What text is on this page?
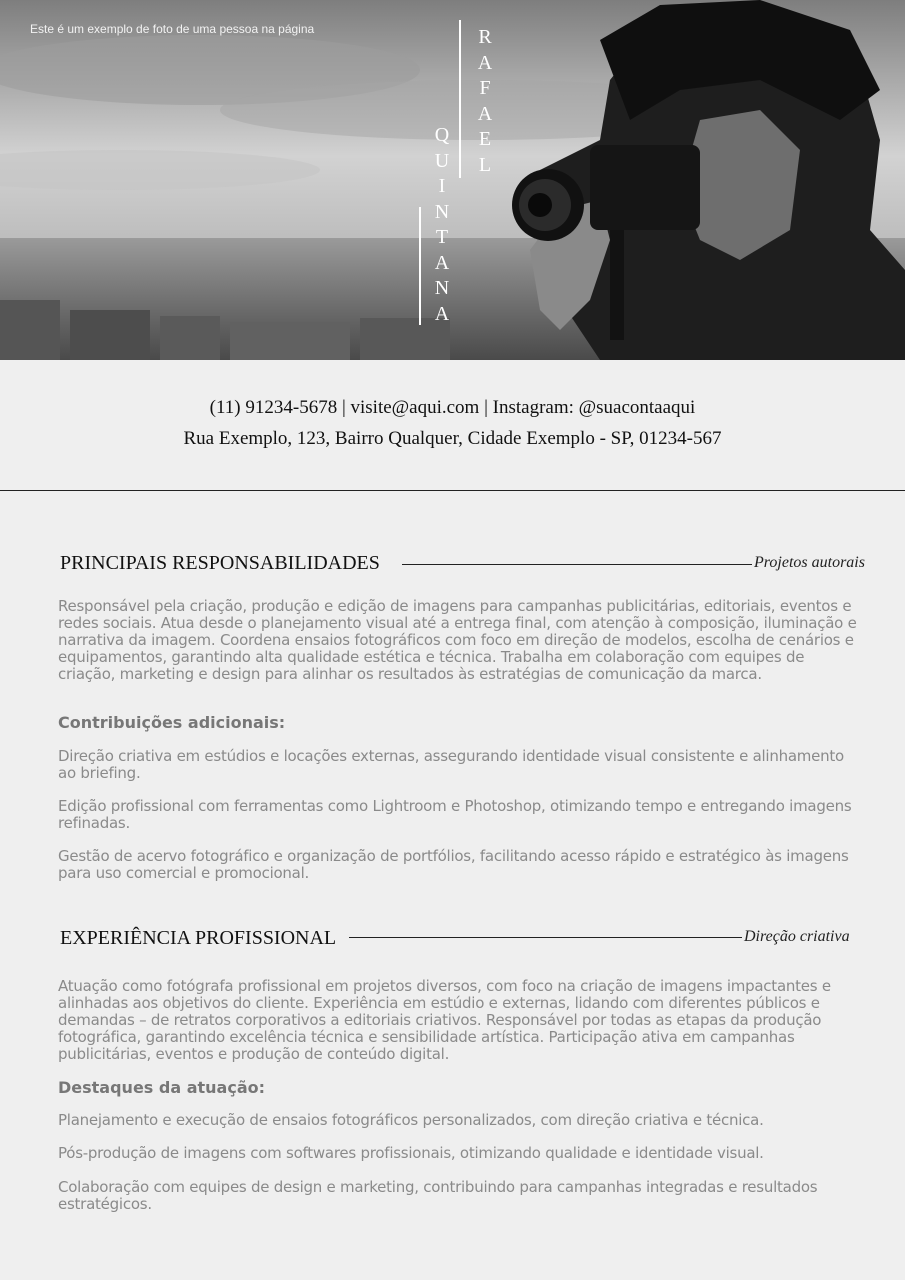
Este é um exemplo de foto de uma pessoa na página	R
A
F
A
E
L
Q
U
I
N
T
A
N
A
(11) 91234-5678 | visite@aqui.com | Instagram: @suacontaaqui
Rua Exemplo, 123, Bairro Qualquer, Cidade Exemplo - SP, 01234-567
PRINCIPAIS RESPONSABILIDADES	Projetos autorais

Responsável pela criação, produção e edição de imagens para campanhas publicitárias, editoriais, eventos e redes sociais. Atua desde o planejamento visual até a entrega final, com atenção à composição, iluminação e narrativa da imagem. Coordena ensaios fotográficos com foco em direção de modelos, escolha de cenários e equipamentos, garantindo alta qualidade estética e técnica. Trabalha em colaboração com equipes de criação, marketing e design para alinhar os resultados às estratégias de comunicação da marca.

Contribuições adicionais:

Direção criativa em estúdios e locações externas, assegurando identidade visual consistente e alinhamento ao briefing.

Edição profissional com ferramentas como Lightroom e Photoshop, otimizando tempo e entregando imagens refinadas.

Gestão de acervo fotográfico e organização de portfólios, facilitando acesso rápido e estratégico às imagens para uso comercial e promocional.

EXPERIÊNCIA PROFISSIONAL	Direção criativa

Atuação como fotógrafa profissional em projetos diversos, com foco na criação de imagens impactantes e alinhadas aos objetivos do cliente. Experiência em estúdio e externas, lidando com diferentes públicos e demandas – de retratos corporativos a editoriais criativos. Responsável por todas as etapas da produção fotográfica, garantindo excelência técnica e sensibilidade artística. Participação ativa em campanhas publicitárias, eventos e produção de conteúdo digital.

Destaques da atuação:

Planejamento e execução de ensaios fotográficos personalizados, com direção criativa e técnica.

Pós-produção de imagens com softwares profissionais, otimizando qualidade e identidade visual.

Colaboração com equipes de design e marketing, contribuindo para campanhas integradas e resultados estratégicos.
